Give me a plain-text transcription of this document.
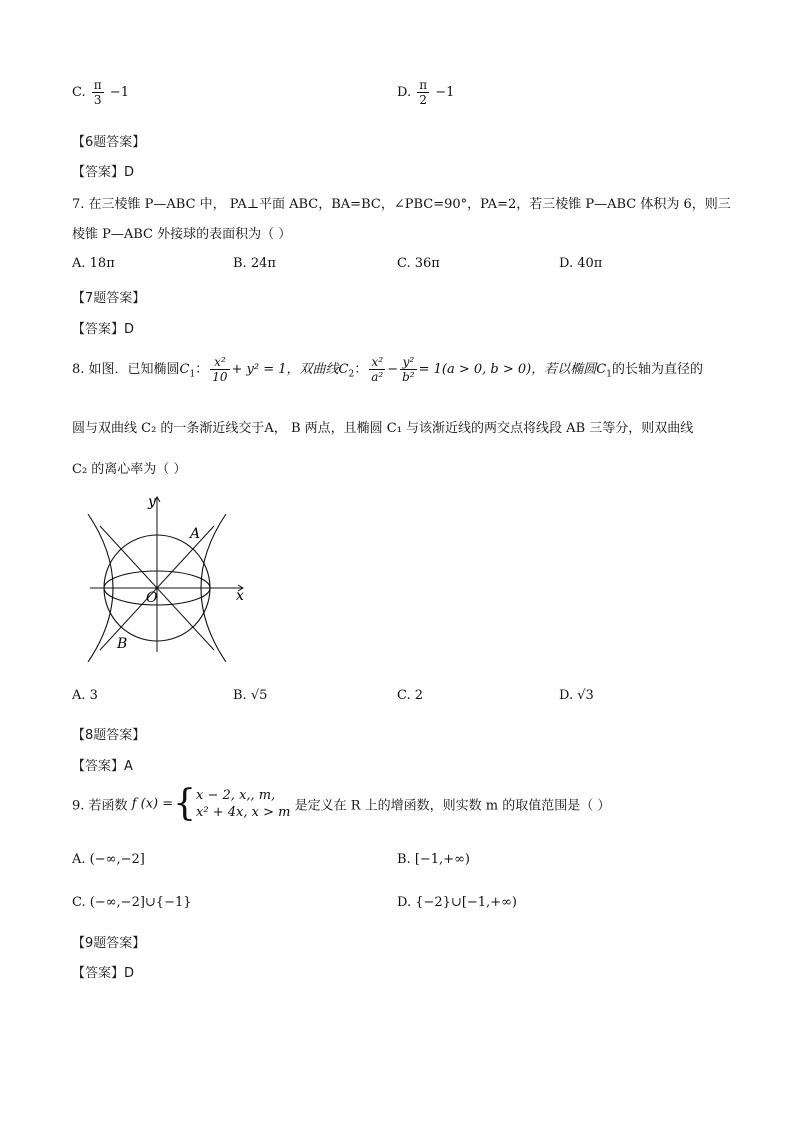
C. $\frac{\pi}{3} -1$	D. $\frac{\pi}{2} -1$
【6题答案】
【答案】D
7. 在三棱锥 P—ABC 中， PA⊥平面 ABC，BA=BC，∠PBC=90°，PA=2，若三棱锥 P—ABC 体积为 6，则三
棱锥 P—ABC 外接球的表面积为（ ）
A. 18π	B. 24π	C. 36π	D. 40π
【7题答案】
【答案】D
8. 如图．已知椭圆$C_1$： $\frac{\text{x²}}{10} + y^2 = 1$，双曲线$C_2$： $\frac{\text{x²}}{\text{a²}} - \frac{\text{y²}}{\text{b²}} = 1(a > 0$, b > 0)，若以椭圆$C_1$的长轴为直径的
圆与双曲线 C₂ 的一条渐近线交于A， B 两点，且椭圆 C₁ 与该渐近线的两交点将线段 AB 三等分，则双曲线
C₂ 的离心率为（ ）
y
x
O
A
B
A. 3	B. √5	C. 2	D. √3
【8题答案】
【答案】A
9. 若函数 f (x) ={ x − 2, x,, m,
x² + 4x, x > m 是定义在 R 上的增函数，则实数 m 的取值范围是（ ）
A. (−∞,−2]	B. [−1,+∞)
C. (−∞,−2]∪{−1}	D. {−2}∪[−1,+∞)
【9题答案】
【答案】D
